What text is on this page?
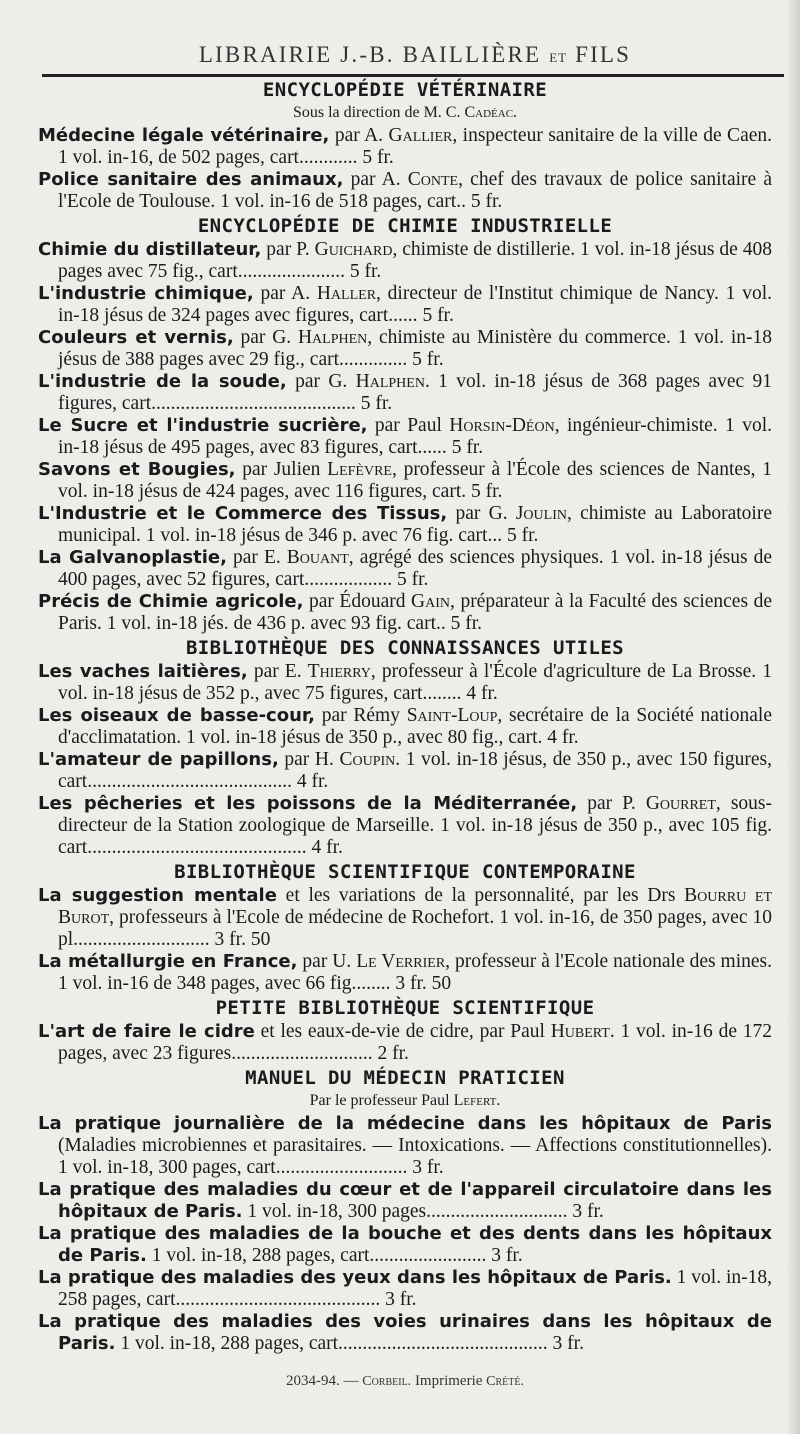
LIBRAIRIE J.-B. BAILLIÈRE ET FILS
ENCYCLOPÉDIE VÉTÉRINAIRE
Sous la direction de M. C. Cadéac.
Médecine légale vétérinaire, par A. Gallier, inspecteur sanitaire de la ville de Caen. 1 vol. in-16, de 502 pages, cart............ 5 fr.
Police sanitaire des animaux, par A. Conte, chef des travaux de police sanitaire à l'Ecole de Toulouse. 1 vol. in-16 de 518 pages, cart.. 5 fr.
ENCYCLOPÉDIE DE CHIMIE INDUSTRIELLE
Chimie du distillateur, par P. Guichard, chimiste de distillerie. 1 vol. in-18 jésus de 408 pages avec 75 fig., cart...................... 5 fr.
L'industrie chimique, par A. Haller, directeur de l'Institut chimique de Nancy. 1 vol. in-18 jésus de 324 pages avec figures, cart...... 5 fr.
Couleurs et vernis, par G. Halphen, chimiste au Ministère du commerce. 1 vol. in-18 jésus de 388 pages avec 29 fig., cart.............. 5 fr.
L'industrie de la soude, par G. Halphen. 1 vol. in-18 jésus de 368 pages avec 91 figures, cart.......................................... 5 fr.
Le Sucre et l'industrie sucrière, par Paul Horsin-Déon, ingénieur-chimiste. 1 vol. in-18 jésus de 495 pages, avec 83 figures, cart...... 5 fr.
Savons et Bougies, par Julien Lefèvre, professeur à l'École des sciences de Nantes, 1 vol. in-18 jésus de 424 pages, avec 116 figures, cart. 5 fr.
L'Industrie et le Commerce des Tissus, par G. Joulin, chimiste au Laboratoire municipal. 1 vol. in-18 jésus de 346 p. avec 76 fig. cart... 5 fr.
La Galvanoplastie, par E. Bouant, agrégé des sciences physiques. 1 vol. in-18 jésus de 400 pages, avec 52 figures, cart.................. 5 fr.
Précis de Chimie agricole, par Édouard Gain, préparateur à la Faculté des sciences de Paris. 1 vol. in-18 jés. de 436 p. avec 93 fig. cart.. 5 fr.
BIBLIOTHÈQUE DES CONNAISSANCES UTILES
Les vaches laitières, par E. Thierry, professeur à l'École d'agriculture de La Brosse. 1 vol. in-18 jésus de 352 p., avec 75 figures, cart........ 4 fr.
Les oiseaux de basse-cour, par Rémy Saint-Loup, secrétaire de la Société nationale d'acclimatation. 1 vol. in-18 jésus de 350 p., avec 80 fig., cart. 4 fr.
L'amateur de papillons, par H. Coupin. 1 vol. in-18 jésus, de 350 p., avec 150 figures, cart.......................................... 4 fr.
Les pêcheries et les poissons de la Méditerranée, par P. Gourret, sous-directeur de la Station zoologique de Marseille. 1 vol. in-18 jésus de 350 p., avec 105 fig. cart............................................. 4 fr.
BIBLIOTHÈQUE SCIENTIFIQUE CONTEMPORAINE
La suggestion mentale et les variations de la personnalité, par les Drs Bourru et Burot, professeurs à l'Ecole de médecine de Rochefort. 1 vol. in-16, de 350 pages, avec 10 pl............................ 3 fr. 50
La métallurgie en France, par U. Le Verrier, professeur à l'Ecole nationale des mines. 1 vol. in-16 de 348 pages, avec 66 fig........ 3 fr. 50
PETITE BIBLIOTHÈQUE SCIENTIFIQUE
L'art de faire le cidre et les eaux-de-vie de cidre, par Paul Hubert. 1 vol. in-16 de 172 pages, avec 23 figures............................. 2 fr.
MANUEL DU MÉDECIN PRATICIEN
Par le professeur Paul Lefert.
La pratique journalière de la médecine dans les hôpitaux de Paris (Maladies microbiennes et parasitaires. — Intoxications. — Affections constitutionnelles). 1 vol. in-18, 300 pages, cart........................... 3 fr.
La pratique des maladies du cœur et de l'appareil circulatoire dans les hôpitaux de Paris. 1 vol. in-18, 300 pages............................. 3 fr.
La pratique des maladies de la bouche et des dents dans les hôpitaux de Paris. 1 vol. in-18, 288 pages, cart........................ 3 fr.
La pratique des maladies des yeux dans les hôpitaux de Paris. 1 vol. in-18, 258 pages, cart.......................................... 3 fr.
La pratique des maladies des voies urinaires dans les hôpitaux de Paris. 1 vol. in-18, 288 pages, cart........................................... 3 fr.
2034-94. — Corbeil. Imprimerie Crété.
